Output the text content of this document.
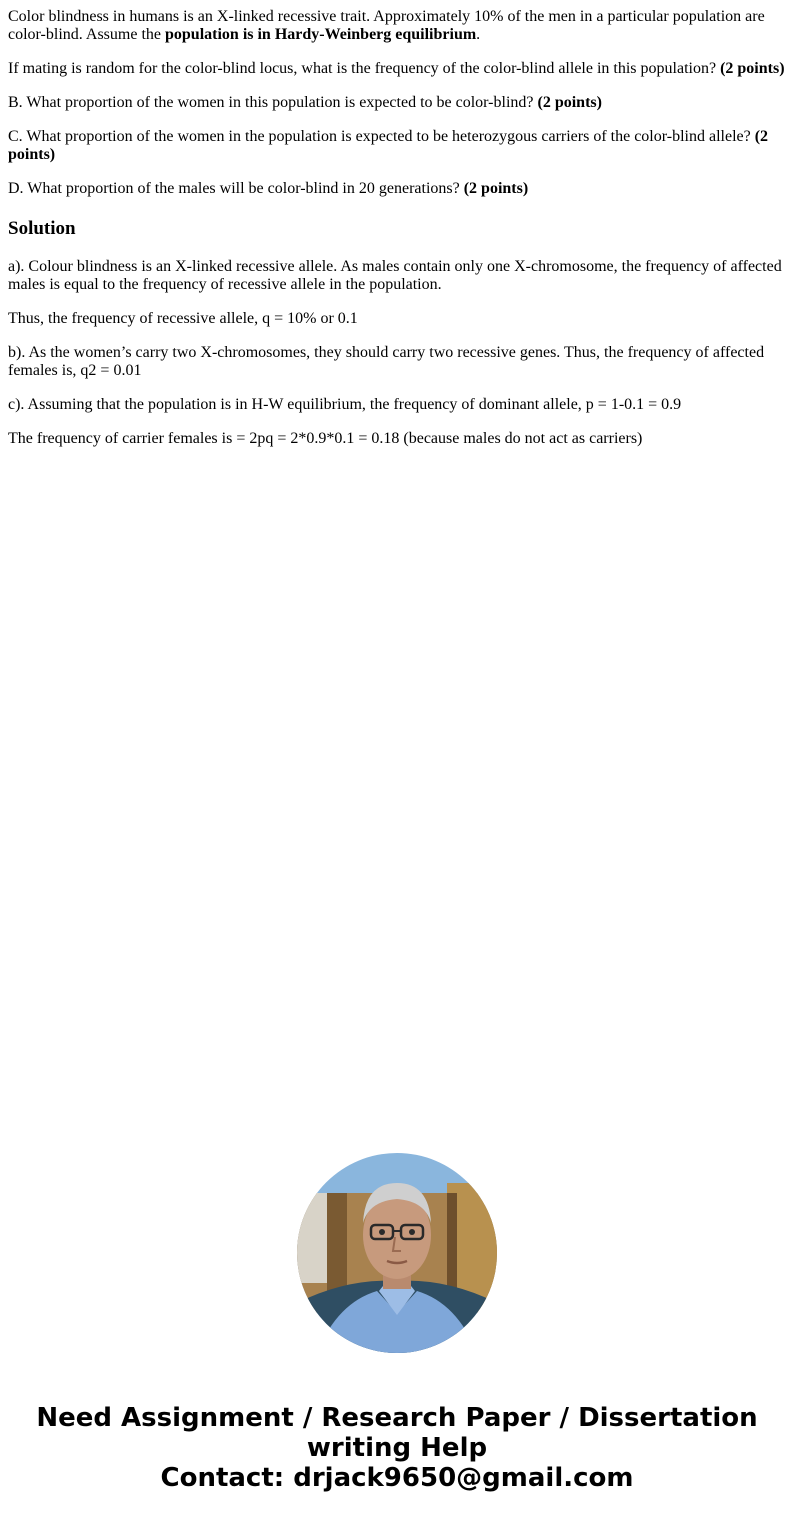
Color blindness in humans is an X-linked recessive trait. Approximately 10% of the men in a particular population are color-blind. Assume the population is in Hardy-Weinberg equilibrium.

If mating is random for the color-blind locus, what is the frequency of the color-blind allele in this population? (2 points)

B. What proportion of the women in this population is expected to be color-blind? (2 points)

C. What proportion of the women in the population is expected to be heterozygous carriers of the color-blind allele? (2 points)

D. What proportion of the males will be color-blind in 20 generations? (2 points)

Solution

a). Colour blindness is an X-linked recessive allele. As males contain only one X-chromosome, the frequency of affected males is equal to the frequency of recessive allele in the population.

Thus, the frequency of recessive allele, q = 10% or 0.1

b). As the women’s carry two X-chromosomes, they should carry two recessive genes. Thus, the frequency of affected females is, q2 = 0.01

c). Assuming that the population is in H-W equilibrium, the frequency of dominant allele, p = 1-0.1 = 0.9

The frequency of carrier females is = 2pq = 2*0.9*0.1 = 0.18 (because males do not act as carriers)

Need Assignment / Research Paper / Dissertation
writing Help
Contact: drjack9650@gmail.com
